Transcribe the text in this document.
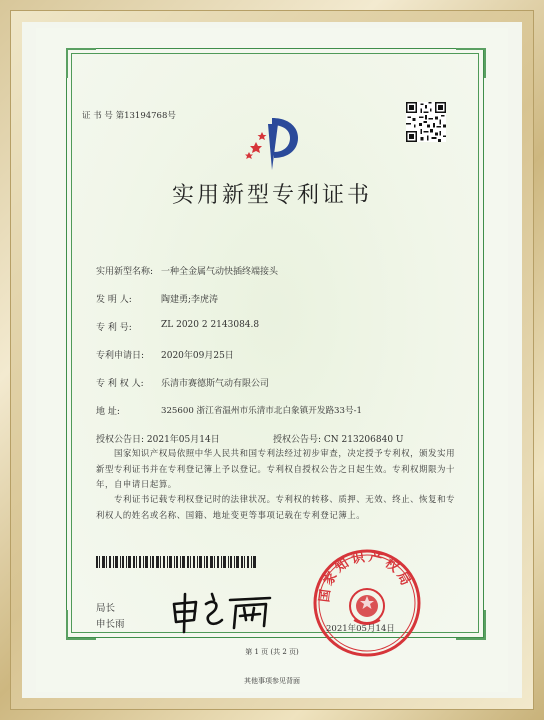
证 书 号 第13194768号
实用新型专利证书
实用新型名称: 一种全金属气动快插终端接头
发 明 人:	陶建勇;李虎涛
专 利 号:	ZL 2020 2 2143084.8
专利申请日: 2020年09月25日
专 利 权 人: 乐清市赛德斯气动有限公司
地 址:	325600 浙江省温州市乐清市北白象镇开发路33号-1
授权公告日: 2021年05月14日	授权公告号: CN 213206840 U
国家知识产权局依照中华人民共和国专利法经过初步审查，决定授予专利权，颁发实用新型专利证书并在专利登记簿上予以登记。专利权自授权公告之日起生效。专利权期限为十年，自申请日起算。
专利证书记载专利权登记时的法律状况。专利权的转移、质押、无效、终止、恢复和专利权人的姓名或名称、国籍、地址变更等事项记载在专利登记簿上。
局长
申长雨
国家知识产权局
2021年05月14日
第 1 页 (共 2 页)
其他事项参见背面
